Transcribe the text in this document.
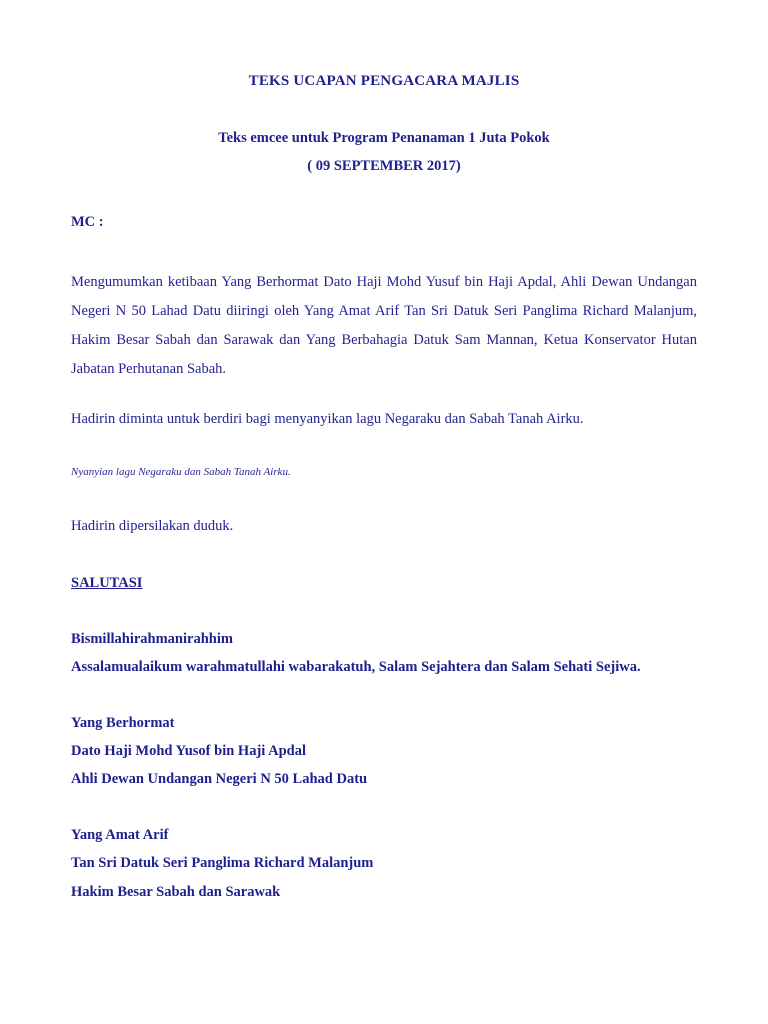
TEKS UCAPAN PENGACARA MAJLIS
Teks emcee untuk Program Penanaman 1 Juta Pokok
( 09 SEPTEMBER 2017)
MC :
Mengumumkan ketibaan Yang Berhormat Dato Haji Mohd Yusuf bin Haji Apdal, Ahli Dewan Undangan Negeri N 50 Lahad Datu diiringi oleh Yang Amat Arif Tan Sri Datuk Seri Panglima Richard Malanjum, Hakim Besar Sabah dan Sarawak dan Yang Berbahagia Datuk Sam Mannan, Ketua Konservator Hutan Jabatan Perhutanan Sabah.
Hadirin diminta untuk berdiri bagi menyanyikan lagu Negaraku dan Sabah Tanah Airku.
Nyanyian lagu Negaraku dan Sabah Tanah Airku.
Hadirin dipersilakan duduk.
SALUTASI
Bismillahirahmanirahhim
Assalamualaikum warahmatullahi wabarakatuh, Salam Sejahtera dan Salam Sehati Sejiwa.
Yang Berhormat
Dato Haji Mohd Yusof bin Haji Apdal
Ahli Dewan Undangan Negeri N 50 Lahad Datu
Yang Amat Arif
Tan Sri Datuk Seri Panglima Richard Malanjum
Hakim Besar Sabah dan Sarawak
